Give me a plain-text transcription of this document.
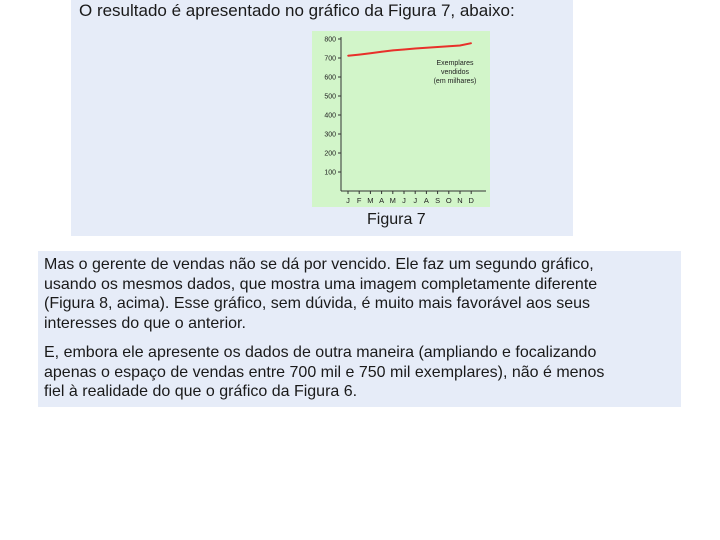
O resultado é apresentado no gráfico da Figura 7, abaixo:
100
200
300
400
500
600
700
800
J F M A M J J A S O N D
Exemplares
vendidos
(em milhares)
Figura 7

Mas o gerente de vendas não se dá por vencido. Ele faz um segundo gráfico,
usando os mesmos dados, que mostra uma imagem completamente diferente
(Figura 8, acima). Esse gráfico, sem dúvida, é muito mais favorável aos seus
interesses do que o anterior.

E, embora ele apresente os dados de outra maneira (ampliando e focalizando
apenas o espaço de vendas entre 700 mil e 750 mil exemplares), não é menos
fiel à realidade do que o gráfico da Figura 6.
